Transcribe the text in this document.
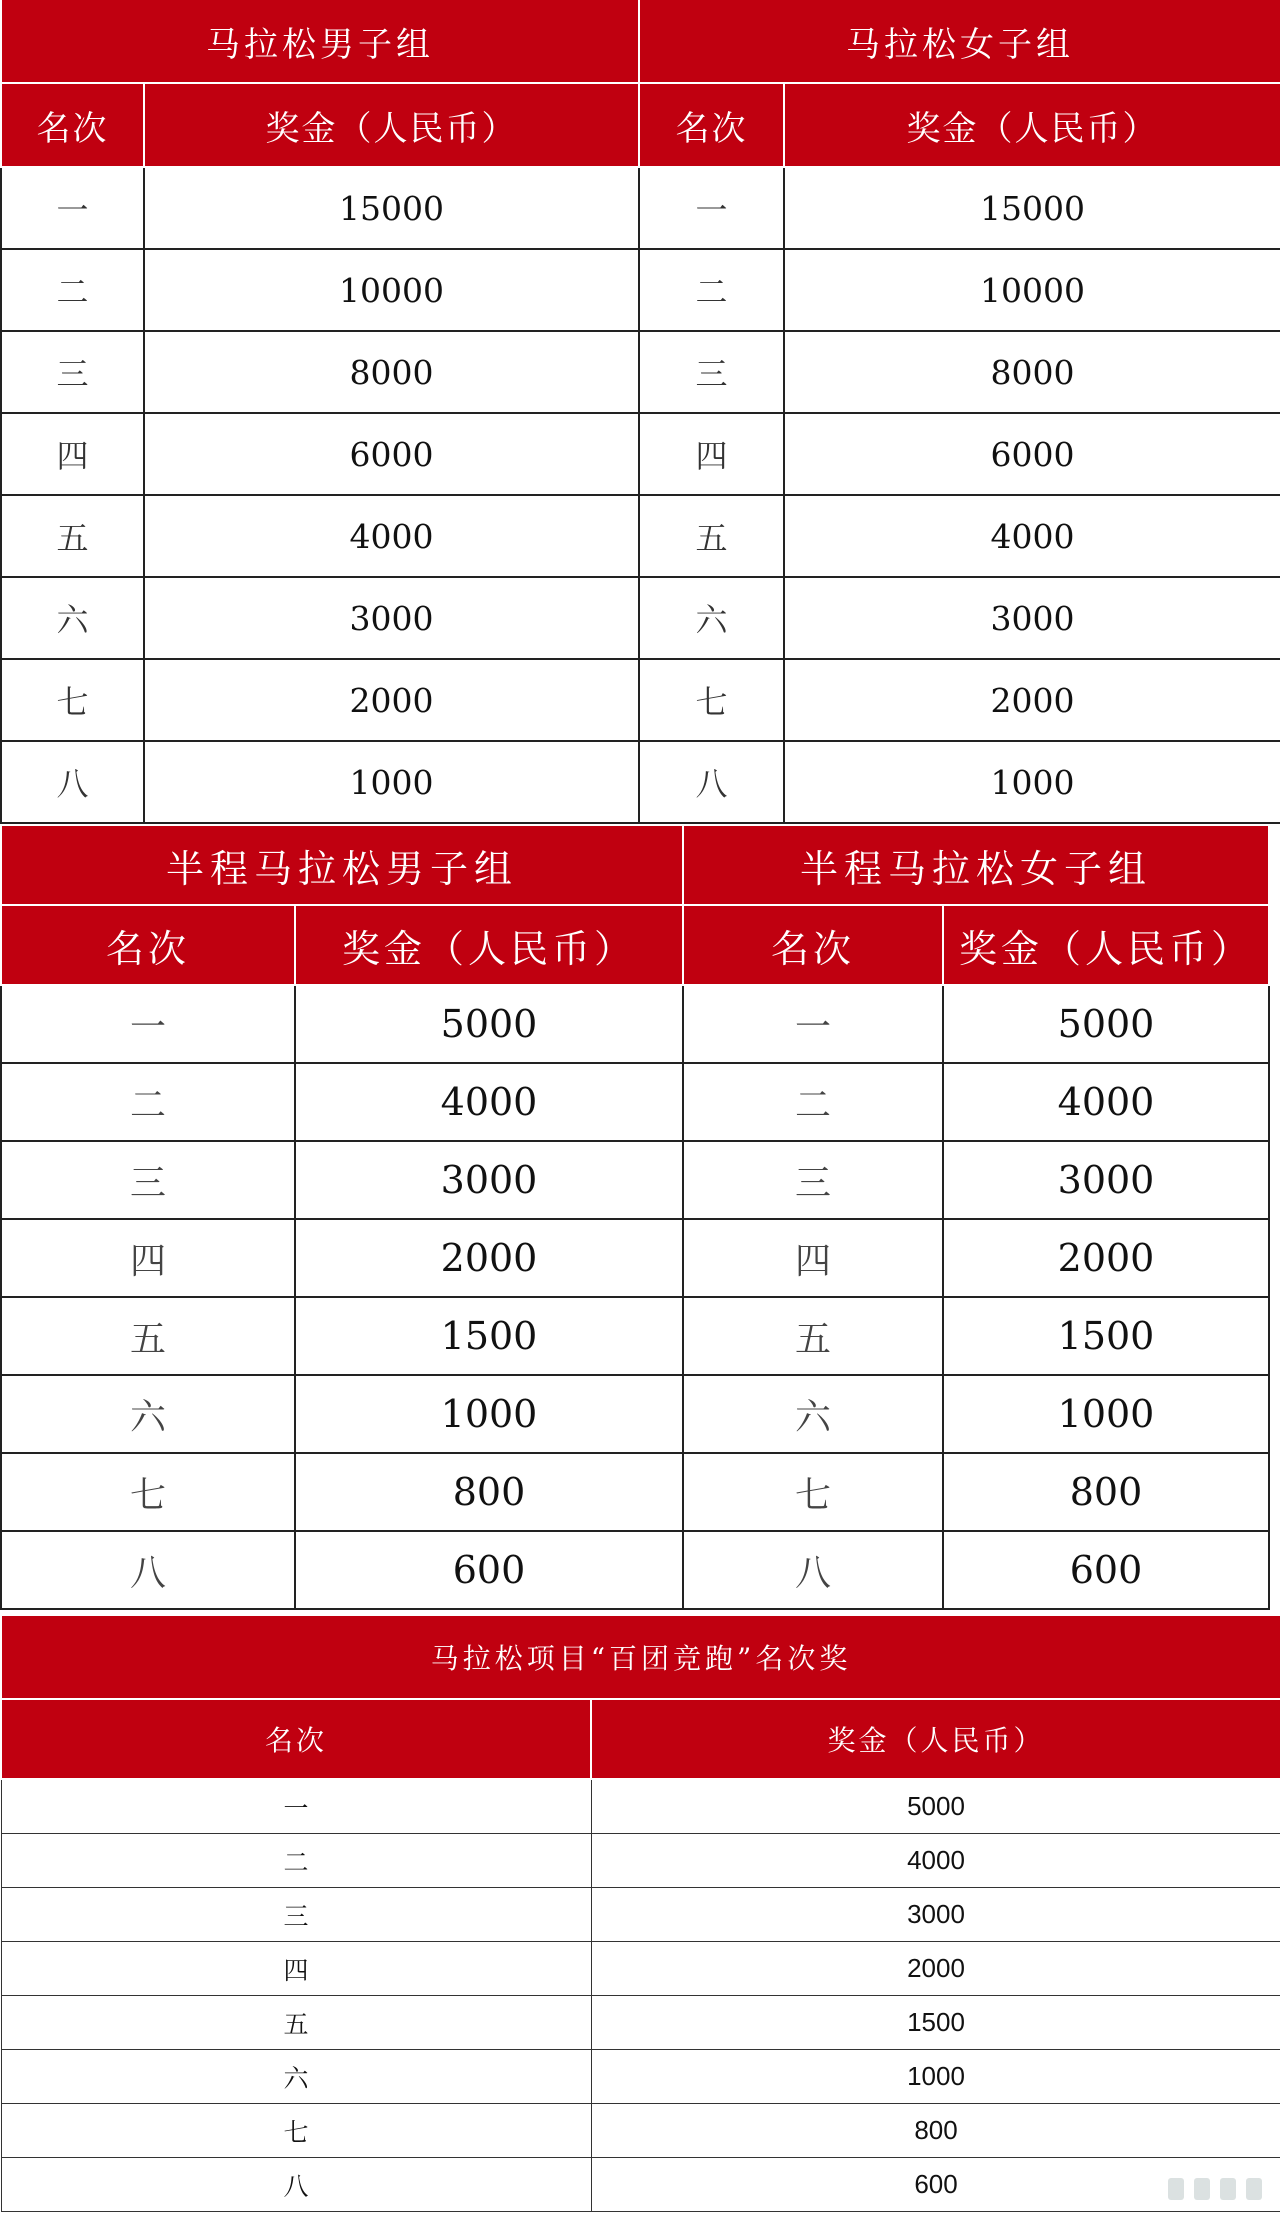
马拉松男子组		马拉松女子组	
名次	奖金（人民币）	名次	奖金（人民币）
一	15000	一	15000
二	10000	二	10000
三	8000	三	8000
四	6000	四	6000
五	4000	五	4000
六	3000	六	3000
七	2000	七	2000
八	1000	八	1000
半程马拉松男子组		半程马拉松女子组	
名次	奖金（人民币）	名次	奖金（人民币）
一	5000	一	5000
二	4000	二	4000
三	3000	三	3000
四	2000	四	2000
五	1500	五	1500
六	1000	六	1000
七	800	七	800
八	600	八	600
马拉松项目“百团竞跑”名次奖	
名次	奖金（人民币）
一	5000
二	4000
三	3000
四	2000
五	1500
六	1000
七	800
八	600
